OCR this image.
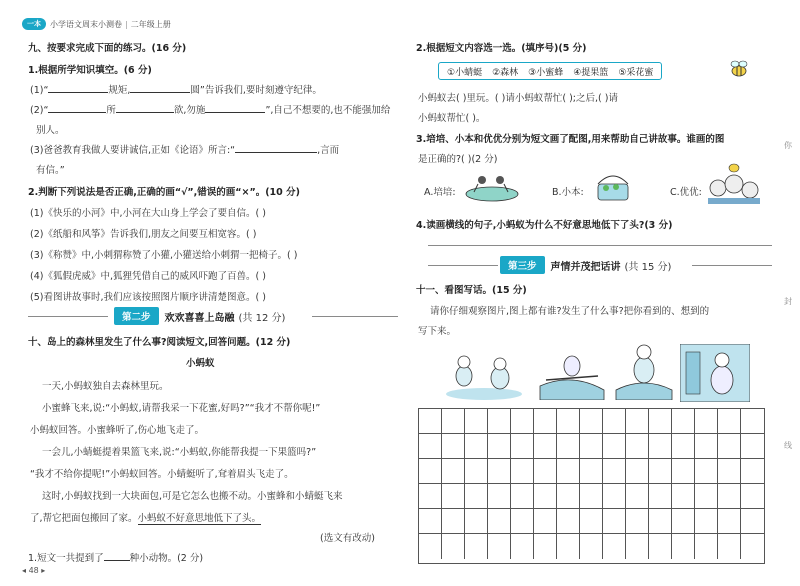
一本	小学语文周末小测卷 | 二年级上册
九、按要求完成下面的练习。(16 分)
1.根据所学知识填空。(6 分)
(1)“	规矩,	圆”告诉我们,要时刻遵守纪律。
(2)“	所	欲,勿施	”,自己不想要的,也不能强加给
别人。
(3)爸爸教育我做人要讲诚信,正如《论语》所言:“	,言而
有信。”
2.判断下列说法是否正确,正确的画“√”,错误的画“×”。(10 分)
(1)《快乐的小河》中,小河在大山身上学会了要自信。( )
(2)《纸船和风筝》告诉我们,朋友之间要互相宽容。( )
(3)《称赞》中,小刺猬称赞了小獾,小獾送给小刺猬一把椅子。( )
(4)《狐假虎威》中,狐狸凭借自己的威风吓跑了百兽。( )
(5)看图讲故事时,我们应该按照图片顺序讲清楚图意。( )
第二步	欢欢喜喜上岛融 (共 12 分)
十、岛上的森林里发生了什么事?阅读短文,回答问题。(12 分)
小蚂蚁
一天,小蚂蚁独自去森林里玩。
小蜜蜂飞来,说:“小蚂蚁,请帮我采一下花蜜,好吗?”“我才不帮你呢!”
小蚂蚁回答。小蜜蜂听了,伤心地飞走了。
一会儿,小蜻蜓提着果篮飞来,说:“小蚂蚁,你能帮我提一下果篮吗?”
“我才不给你提呢!”小蚂蚁回答。小蜻蜓听了,耷着眉头飞走了。
这时,小蚂蚁找到一大块面包,可是它怎么也搬不动。小蜜蜂和小蜻蜓飞来
了,帮它把面包搬回了家。小蚂蚁不好意思地低下了头。
(选文有改动)
1.短文一共提到了	种小动物。(2 分)
◂ 48 ▸
2.根据短文内容选一选。(填序号)(5 分)
①小蜻蜓 ②森林 ③小蜜蜂 ④提果篮 ⑤采花蜜
小蚂蚁去( )里玩。( )请小蚂蚁帮忙( );之后,( )请
小蚂蚁帮忙( )。
3.培培、小本和优优分别为短文画了配图,用来帮助自己讲故事。谁画的图
是正确的?( )(2 分)
A.培培:	B.小本:	C.优优:
4.读画横线的句子,小蚂蚁为什么不好意思地低下了头?(3 分)
第三步	声情并茂把话讲 (共 15 分)
十一、看图写话。(15 分)
请你仔细观察图片,图上都有谁?发生了什么事?把你看到的、想到的
写下来。
你
封
线
